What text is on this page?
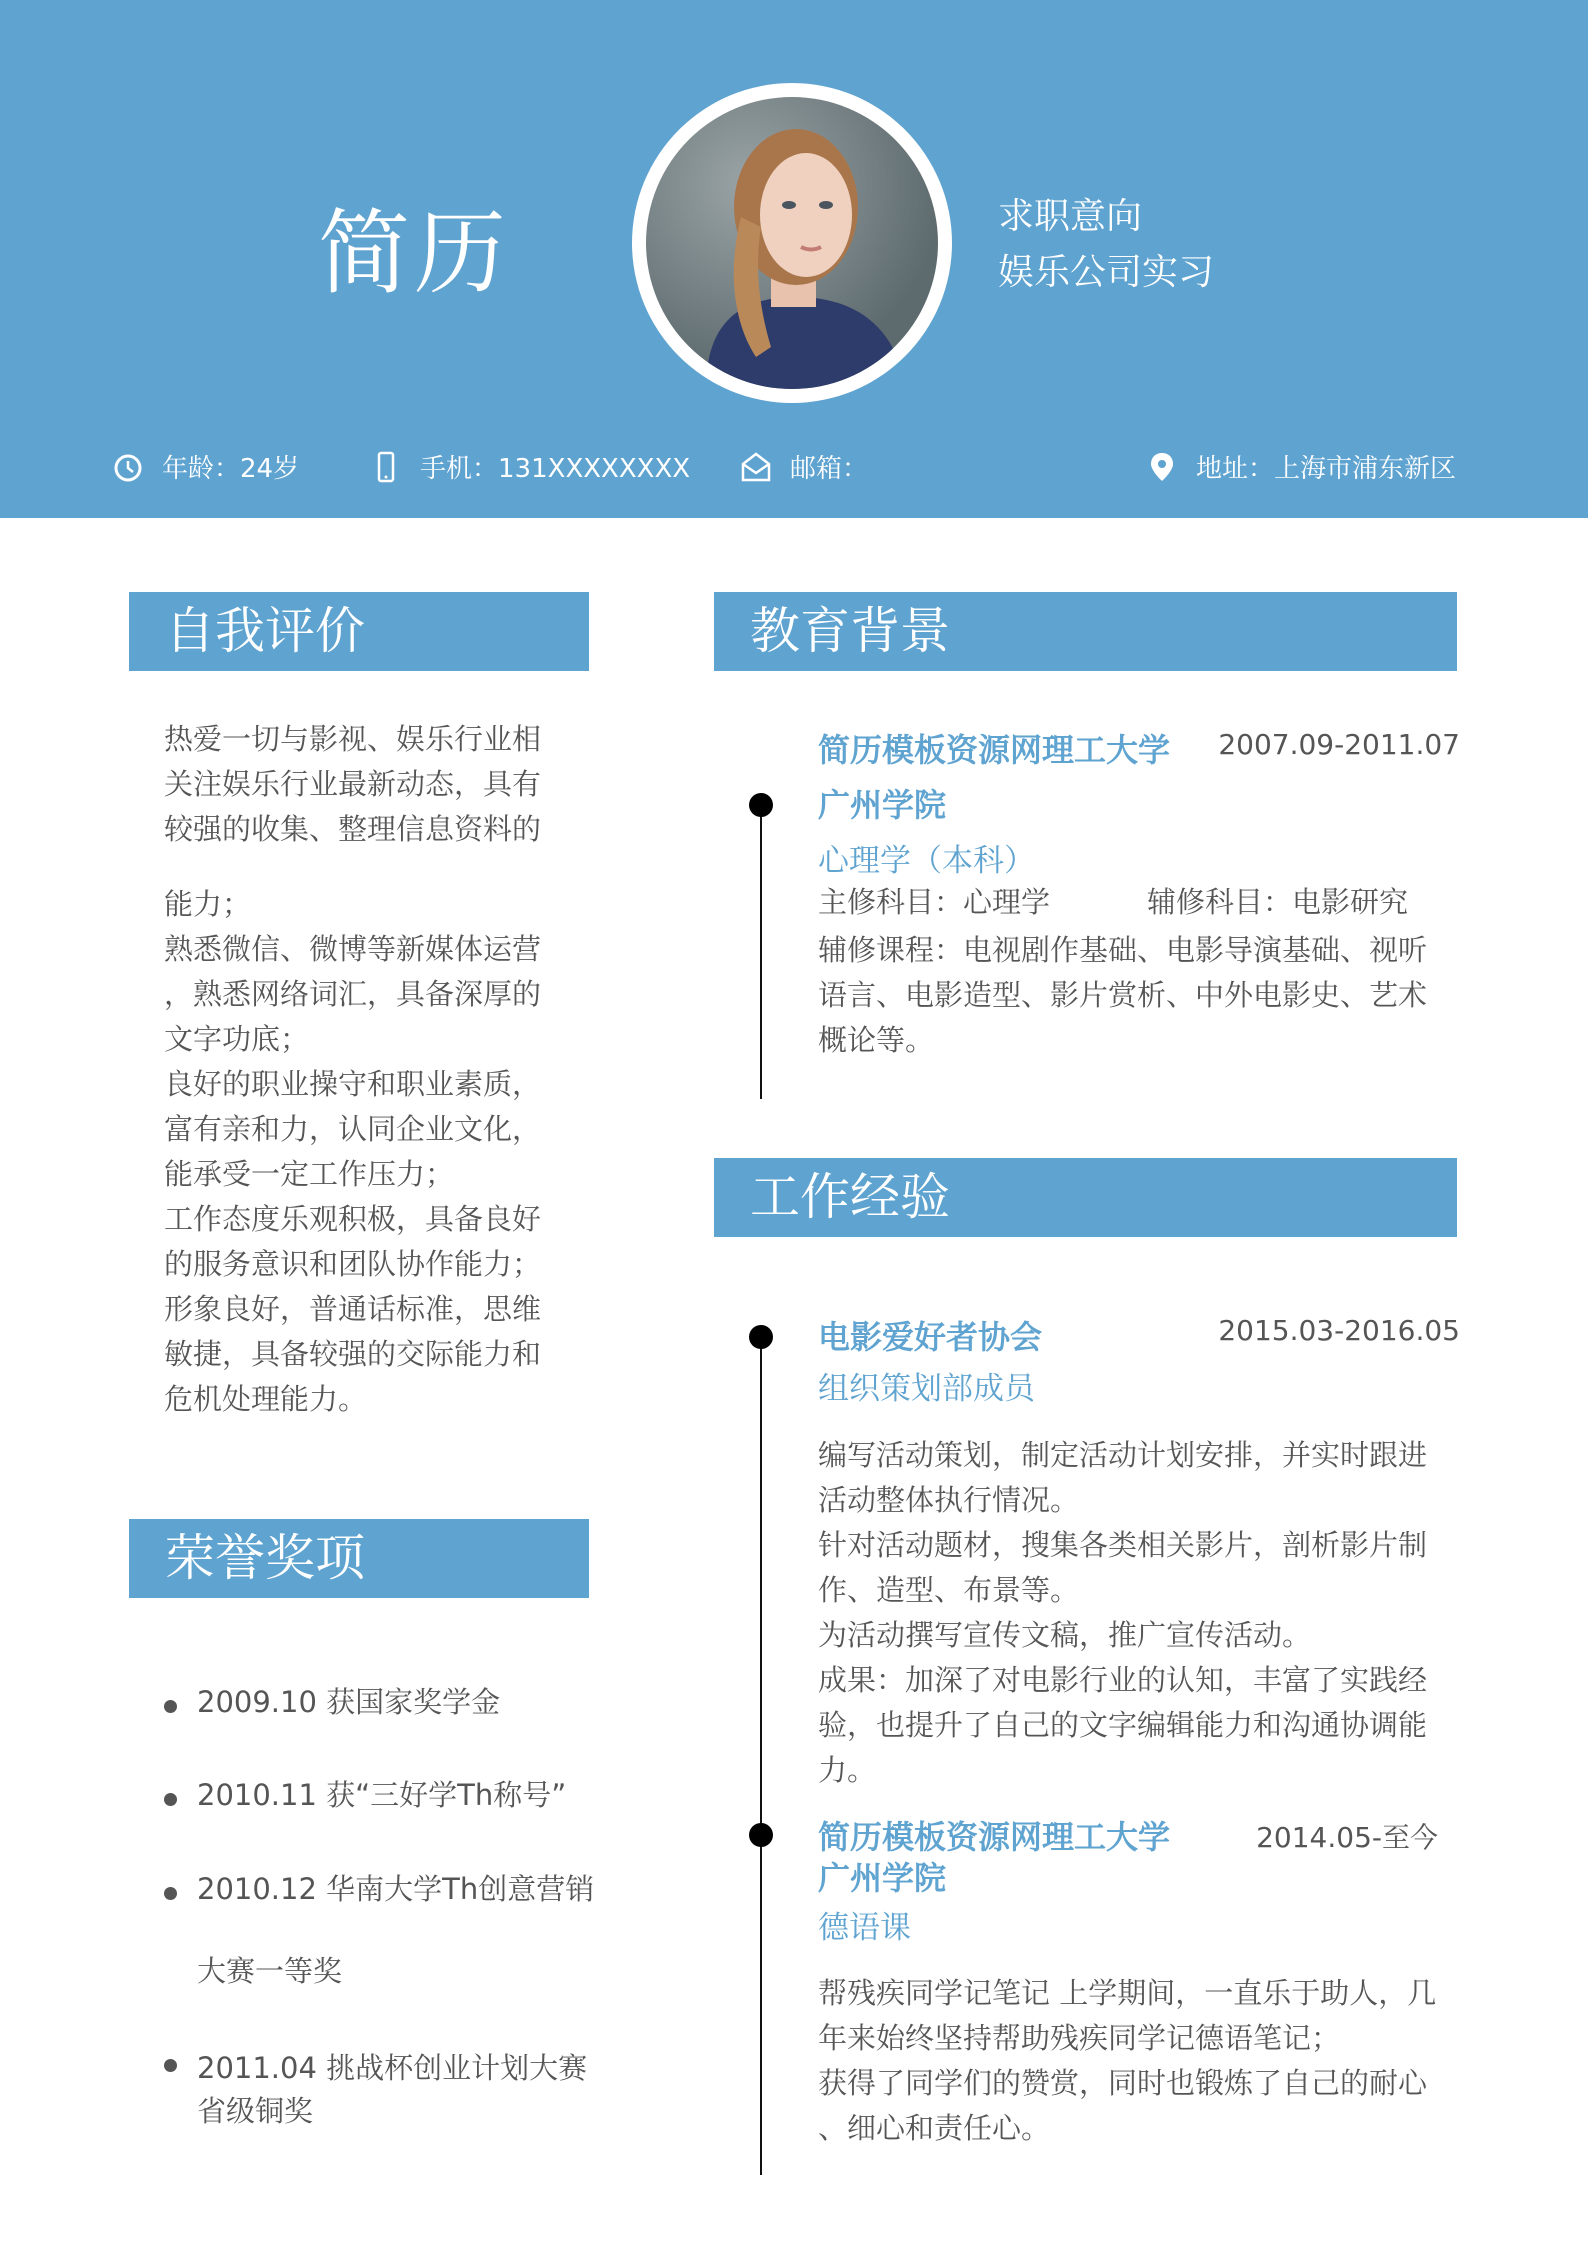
简历	求职意向
娱乐公司实习
年龄：24岁	手机：131XXXXXXXX	邮箱：	地址：上海市浦东新区
自我评价
热爱一切与影视、娱乐行业相
关注娱乐行业最新动态，具有
较强的收集、整理信息资料的
能力；
熟悉微信、微博等新媒体运营
，熟悉网络词汇，具备深厚的
文字功底；
良好的职业操守和职业素质，
富有亲和力，认同企业文化，
能承受一定工作压力；
工作态度乐观积极，具备良好
的服务意识和团队协作能力；
形象良好，普通话标准，思维
敏捷，具备较强的交际能力和
危机处理能力。
荣誉奖项
2009.10 获国家奖学金
2010.11 获“三好学Th称号”
2010.12 华南大学Th创意营销
大赛一等奖
2011.04 挑战杯创业计划大赛
省级铜奖
教育背景
简历模板资源网理工大学
广州学院
2007.09-2011.07
心理学（本科）
主修科目：心理学	辅修科目：电影研究
辅修课程：电视剧作基础、电影导演基础、视听
语言、电影造型、影片赏析、中外电影史、艺术
概论等。
工作经验
电影爱好者协会	2015.03-2016.05
组织策划部成员
编写活动策划，制定活动计划安排，并实时跟进
活动整体执行情况。
针对活动题材，搜集各类相关影片，剖析影片制
作、造型、布景等。
为活动撰写宣传文稿，推广宣传活动。
成果：加深了对电影行业的认知，丰富了实践经
验，也提升了自己的文字编辑能力和沟通协调能力。
简历模板资源网理工大学
广州学院
2014.05-至今
德语课
帮残疾同学记笔记 上学期间，一直乐于助人，几
年来始终坚持帮助残疾同学记德语笔记；
获得了同学们的赞赏，同时也锻炼了自己的耐心
、细心和责任心。
